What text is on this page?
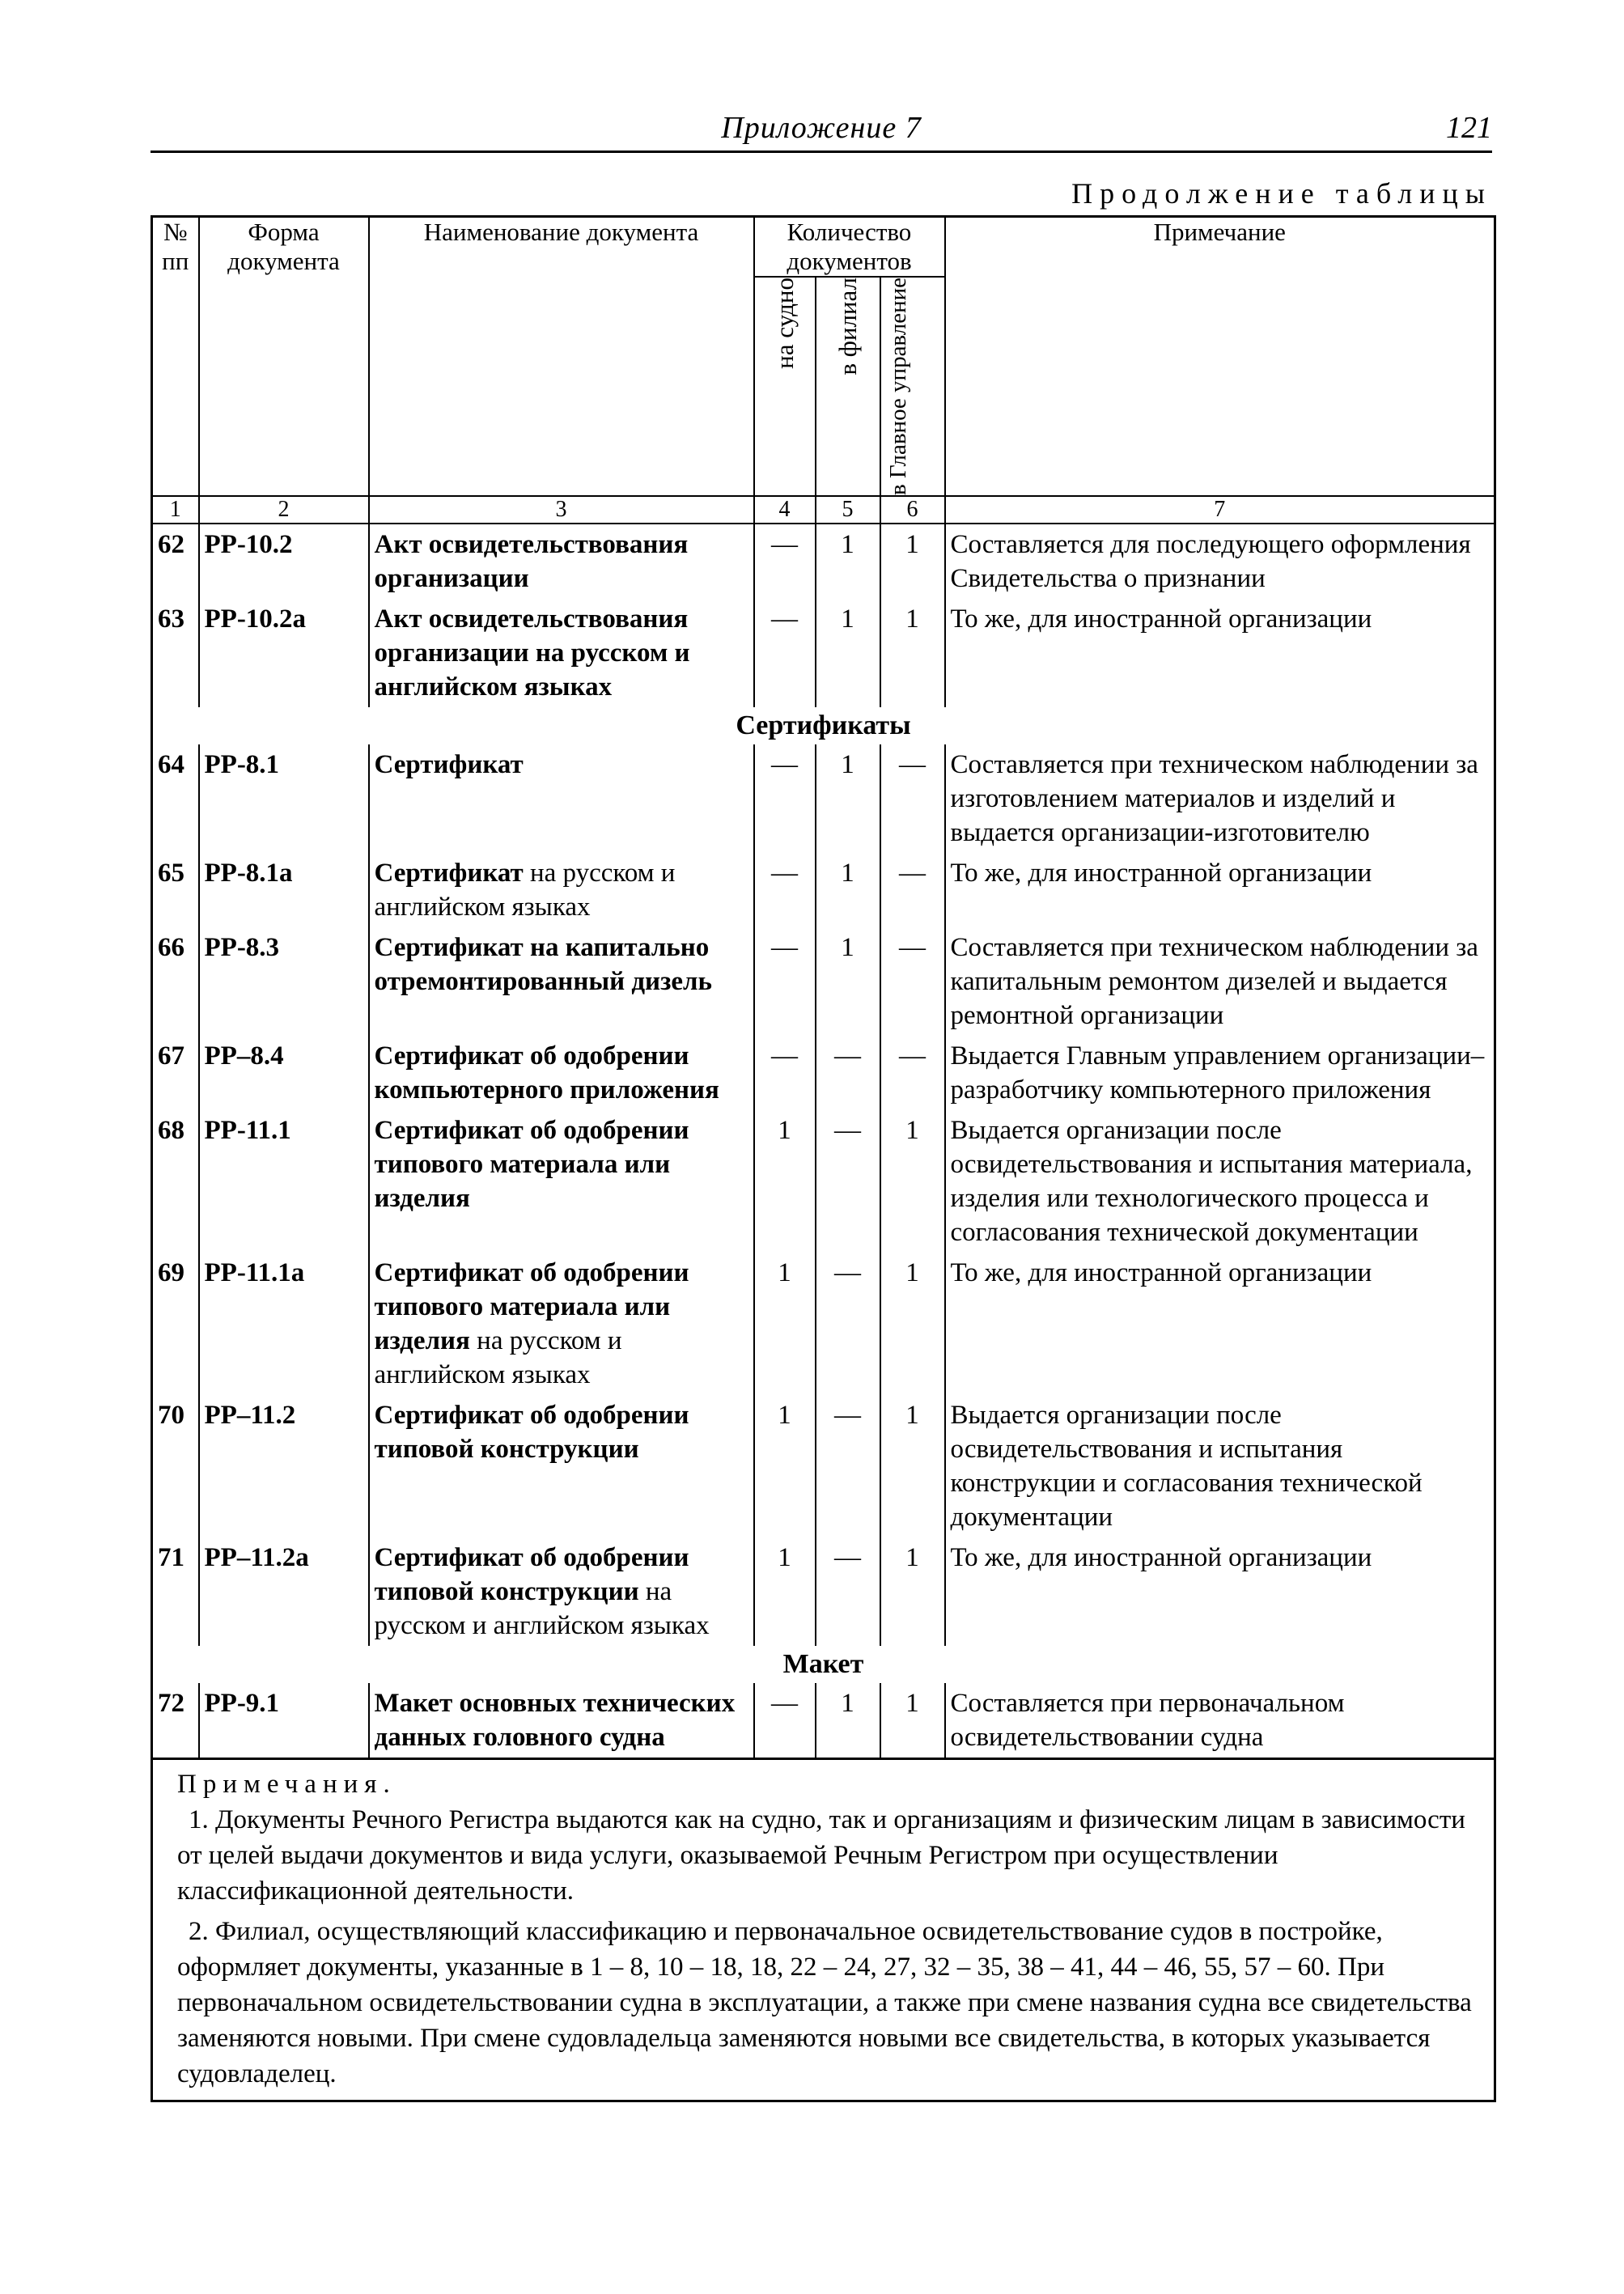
Приложение 7	121
Продолжение таблицы
№ пп	Форма документа	Наименование документа	Количество документов			Примечание

			на судно	в филиал	в Главное управление	

1	2	3	4	5	6	7
62	РР-10.2	Акт освидетельствования организации	—	1	1	Составляется для последующего оформления Свидетельства о признании
63	РР-10.2а	Акт освидетельствования организации на русском и английском языках	—	1	1	То же, для иностранной организации
Сертификаты						
64	РР-8.1	Сертификат	—	1	—	Составляется при техническом наблюдении за изготовлением материалов и изделий и выдается организации-изготовителю
65	РР-8.1а	Сертификат на русском и английском языках	—	1	—	То же, для иностранной организации
66	РР-8.3	Сертификат на капитально отремонтированный дизель	—	1	—	Составляется при техническом наблюдении за капитальным ремонтом дизелей и выдается ремонтной организации
67	РР–8.4	Сертификат об одобрении компьютерного приложения	—	—	—	Выдается Главным управлением организации–разработчику компьютерного приложения
68	РР-11.1	Сертификат об одобрении типового материала или изделия	1	—	1	Выдается организации после освидетельствования и испытания материала, изделия или технологического процесса и согласования технической документации
69	РР-11.1а	Сертификат об одобрении типового материала или изделия на русском и английском языках	1	—	1	То же, для иностранной организации
70	РР–11.2	Сертификат об одобрении типовой конструкции	1	—	1	Выдается организации после освидетельствования и испытания конструкции и согласования технической документации
71	РР–11.2а	Сертификат об одобрении типовой конструкции на русском и английском языках	1	—	1	То же, для иностранной организации
Макет						
72	РР-9.1	Макет основных технических данных головного судна	—	1	1	Составляется при первоначальном освидетельствовании судна

Примечания.

1. Документы Речного Регистра выдаются как на судно, так и организациям и физическим лицам в зависимости от целей выдачи документов и вида услуги, оказываемой Речным Регистром при осуществлении классификационной деятельности.

2. Филиал, осуществляющий классификацию и первоначальное освидетельствование судов в постройке, оформляет документы, указанные в 1 – 8, 10 – 18, 18, 22 – 24, 27, 32 – 35, 38 – 41, 44 – 46, 55, 57 – 60. При первоначальном освидетельствовании судна в эксплуатации, а также при смене названия судна все свидетельства заменяются новыми. При смене судовладельца заменяются новыми все свидетельства, в которых указывается судовладелец.						
